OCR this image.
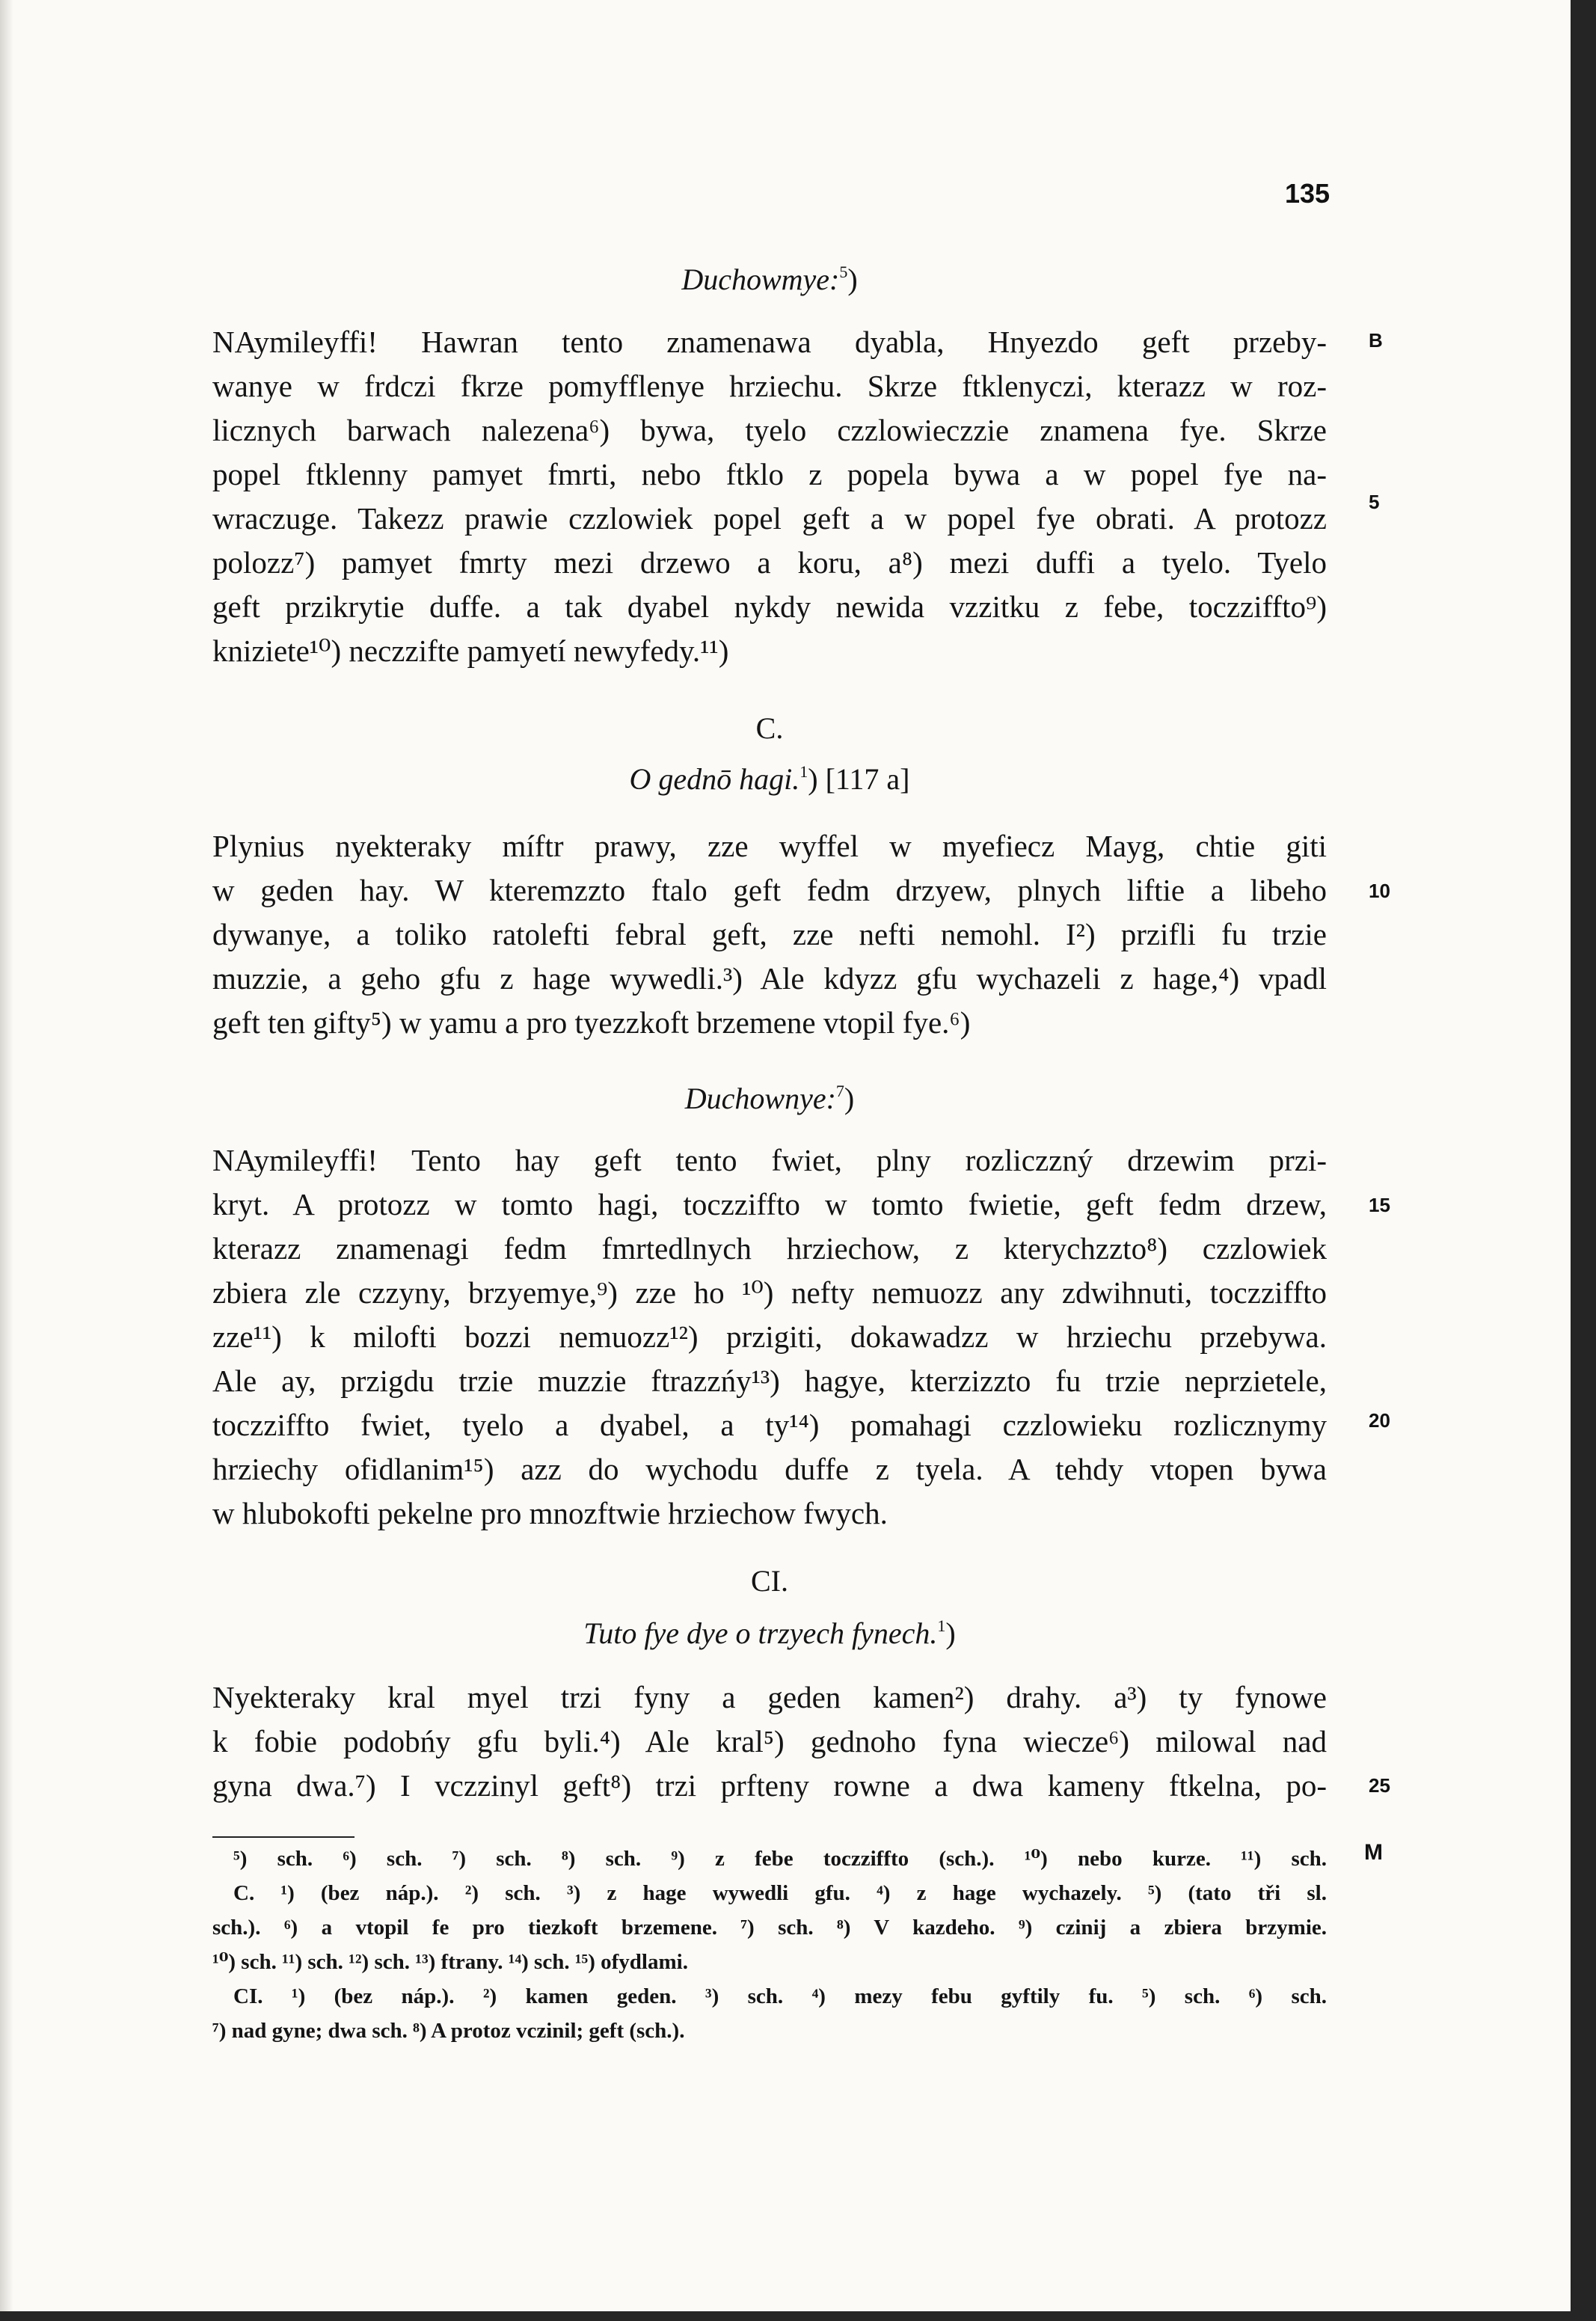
135
Duchowmye:$^5$)
NAymileyffi! Hawran tento znamenawa dyabla, Hnyezdo geft przeby-
wanye w frdczi fkrze pomyfflenye hrziechu. Skrze ftklenyczi, kterazz w roz-
licznych barwach nalezena⁶) bywa, tyelo czzlowieczzie znamena fye. Skrze
popel ftklenny pamyet fmrti, nebo ftklo z popela bywa a w popel fye na-
wraczuge. Takezz prawie czzlowiek popel geft a w popel fye obrati. A protozz
polozz⁷) pamyet fmrty mezi drzewo a koru, a⁸) mezi duffi a tyelo. Tyelo
geft przikrytie duffe. a tak dyabel nykdy newida vzzitku z febe, toczziffto⁹)
kniziete¹⁰) neczzifte pamyetí newyfedy.¹¹)
C.
O gednō hagi.$^1$) [117 a]
Plynius nyekteraky míftr prawy, zze wyffel w myefiecz Mayg, chtie giti
w geden hay. W kteremzzto ftalo geft fedm drzyew, plnych liftie a libeho
dywanye, a toliko ratolefti febral geft, zze nefti nemohl. I²) przifli fu trzie
muzzie, a geho gfu z hage wywedli.³) Ale kdyzz gfu wychazeli z hage,⁴) vpadl
geft ten gifty⁵) w yamu a pro tyezzkoft brzemene vtopil fye.⁶)
Duchownye:$^7$)
NAymileyffi! Tento hay geft tento fwiet, plny rozliczzný drzewim przi-
kryt. A protozz w tomto hagi, toczziffto w tomto fwietie, geft fedm drzew,
kterazz znamenagi fedm fmrtedlnych hrziechow, z kterychzzto⁸) czzlowiek
zbiera zle czzyny, brzyemye,⁹) zze ho ¹⁰) nefty nemuozz any zdwihnuti, toczziffto
zze¹¹) k milofti bozzi nemuozz¹²) przigiti, dokawadzz w hrziechu przebywa.
Ale ay, przigdu trzie muzzie ftrazzńy¹³) hagye, kterzizzto fu trzie neprzietele,
toczziffto fwiet, tyelo a dyabel, a ty¹⁴) pomahagi czzlowieku rozlicznymy
hrziechy ofidlanim¹⁵) azz do wychodu duffe z tyela. A tehdy vtopen bywa
w hlubokofti pekelne pro mnozftwie hrziechow fwych.
CI.
Tuto fye dye o trzyech fynech.$^1$)
Nyekteraky kral myel trzi fyny a geden kamen²) drahy. a³) ty fynowe
k fobie podobńy gfu byli.⁴) Ale kral⁵) gednoho fyna wiecze⁶) milowal nad
gyna dwa.⁷) I vczzinyl geft⁸) trzi prfteny rowne a dwa kameny ftkelna, po-
B
5
10
15
20
25
⁵) sch. ⁶) sch. ⁷) sch. ⁸) sch. ⁹) z febe toczziffto (sch.). ¹⁰) nebo kurze. ¹¹) sch.
C. ¹) (bez náp.). ²) sch. ³) z hage wywedli gfu. ⁴) z hage wychazely. ⁵) (tato tři sl.
sch.). ⁶) a vtopil fe pro tiezkoft brzemene. ⁷) sch. ⁸) V kazdeho. ⁹) czinij a zbiera brzymie.
¹⁰) sch. ¹¹) sch. ¹²) sch. ¹³) ftrany. ¹⁴) sch. ¹⁵) ofydlami.
CI. ¹) (bez náp.). ²) kamen geden. ³) sch. ⁴) mezy febu gyftily fu. ⁵) sch. ⁶) sch.
⁷) nad gyne; dwa sch. ⁸) A protoz vczinil; geft (sch.).
M
